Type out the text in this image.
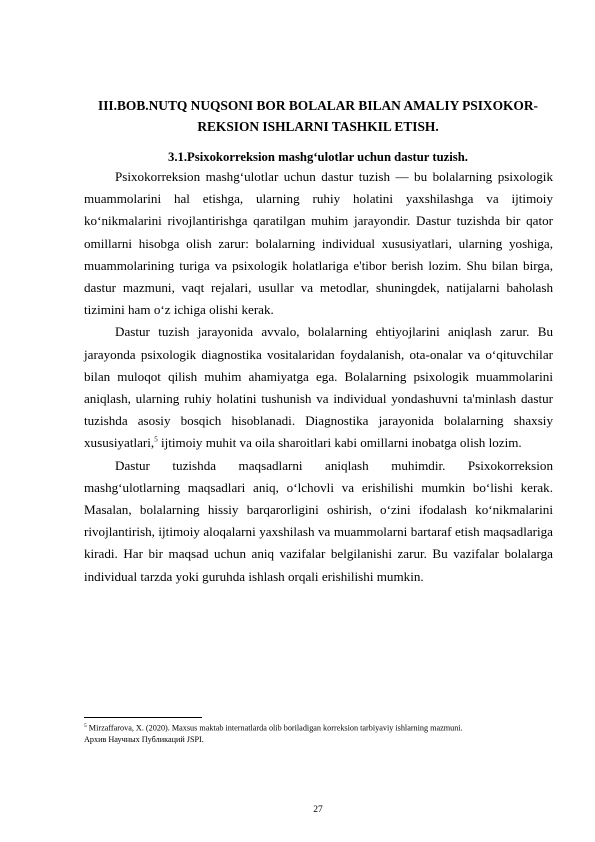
III.BOB.NUTQ NUQSONI BOR BOLALAR BILAN AMALIY PSIXOKOR-REKSION ISHLARNI TASHKIL ETISH.
3.1.Psixokorreksion mashg‘ulotlar uchun dastur tuzish.

Psixokorreksion mashg‘ulotlar uchun dastur tuzish — bu bolalarning psixologik muammolarini hal etishga, ularning ruhiy holatini yaxshilashga va ijtimoiy ko‘nikmalarini rivojlantirishga qaratilgan muhim jarayondir. Dastur tuzishda bir qator omillarni hisobga olish zarur: bolalarning individual xususiyatlari, ularning yoshiga, muammolarining turiga va psixologik holatlariga e'tibor berish lozim. Shu bilan birga, dastur mazmuni, vaqt rejalari, usullar va metodlar, shuningdek, natijalarni baholash tizimini ham o‘z ichiga olishi kerak.

Dastur tuzish jarayonida avvalo, bolalarning ehtiyojlarini aniqlash zarur. Bu jarayonda psixologik diagnostika vositalaridan foydalanish, ota-onalar va o‘qituvchilar bilan muloqot qilish muhim ahamiyatga ega. Bolalarning psixologik muammolarini aniqlash, ularning ruhiy holatini tushunish va individual yondashuvni ta'minlash dastur tuzishda asosiy bosqich hisoblanadi. Diagnostika jarayonida bolalarning shaxsiy xususiyatlari,$^5$ ijtimoiy muhit va oila sharoitlari kabi omillarni inobatga olish lozim.

Dastur tuzishda maqsadlarni aniqlash muhimdir. Psixokorreksion mashg‘ulotlarning maqsadlari aniq, o‘lchovli va erishilishi mumkin bo‘lishi kerak. Masalan, bolalarning hissiy barqarorligini oshirish, o‘zini ifodalash ko‘nikmalarini rivojlantirish, ijtimoiy aloqalarni yaxshilash va muammolarni bartaraf etish maqsadlariga kiradi. Har bir maqsad uchun aniq vazifalar belgilanishi zarur. Bu vazifalar bolalarga individual tarzda yoki guruhda ishlash orqali erishilishi mumkin.

$^5$ Mirzaffarova, X. (2020). Maxsus maktab internatlarda olib boriladigan korreksion tarbiyaviy ishlarning mazmuni.
Архив Научных Публикаций JSPI.
27
